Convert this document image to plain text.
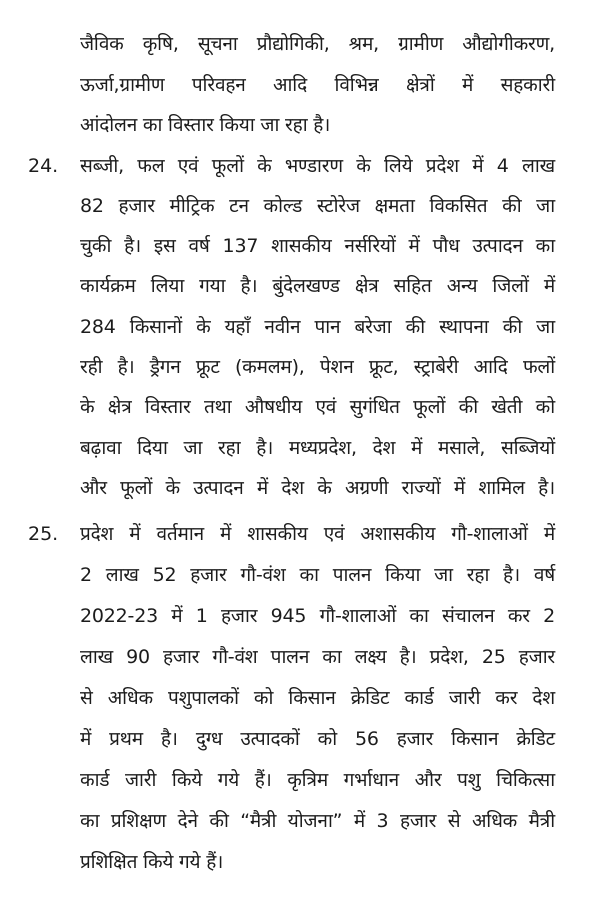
जैविक कृषि, सूचना प्रौद्योगिकी, श्रम, ग्रामीण औद्योगीकरण,
ऊर्जा,ग्रामीण परिवहन आदि विभिन्न क्षेत्रों में सहकारी
आंदोलन का विस्तार किया जा रहा है।
24. सब्जी, फल एवं फूलों के भण्डारण के लिये प्रदेश में 4 लाख
82 हजार मीट्रिक टन कोल्ड स्टोरेज क्षमता विकसित की जा
चुकी है। इस वर्ष 137 शासकीय नर्सरियों में पौध उत्पादन का
कार्यक्रम लिया गया है। बुंदेलखण्ड क्षेत्र सहित अन्य जिलों में
284 किसानों के यहाँ नवीन पान बरेजा की स्थापना की जा
रही है। ड्रैगन फ्रूट (कमलम), पेशन फ्रूट, स्ट्राबेरी आदि फलों
के क्षेत्र विस्तार तथा औषधीय एवं सुगंधित फूलों की खेती को
बढ़ावा दिया जा रहा है। मध्यप्रदेश, देश में मसाले, सब्जियों
और फूलों के उत्पादन में देश के अग्रणी राज्यों में शामिल है।
25. प्रदेश में वर्तमान में शासकीय एवं अशासकीय गौ-शालाओं में
2 लाख 52 हजार गौ-वंश का पालन किया जा रहा है। वर्ष
2022-23 में 1 हजार 945 गौ-शालाओं का संचालन कर 2
लाख 90 हजार गौ-वंश पालन का लक्ष्य है। प्रदेश, 25 हजार
से अधिक पशुपालकों को किसान क्रेडिट कार्ड जारी कर देश
में प्रथम है। दुग्ध उत्पादकों को 56 हजार किसान क्रेडिट
कार्ड जारी किये गये हैं। कृत्रिम गर्भाधान और पशु चिकित्सा
का प्रशिक्षण देने की “मैत्री योजना” में 3 हजार से अधिक मैत्री
प्रशिक्षित किये गये हैं।
